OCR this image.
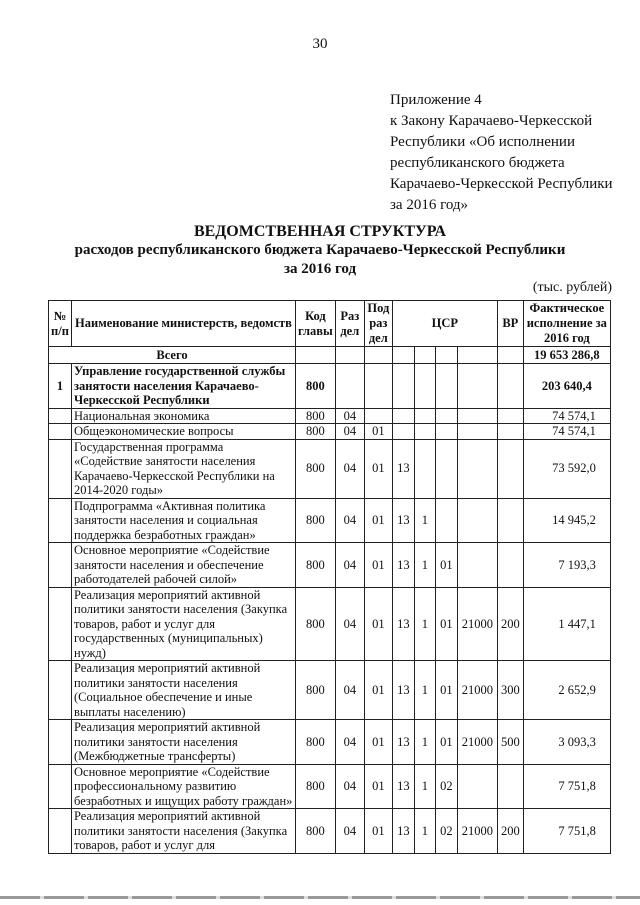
30
Приложение 4
к Закону Карачаево-Черкесской
Республики «Об исполнении
республиканского бюджета
Карачаево-Черкесской Республики
за 2016 год»
ВЕДОМСТВЕННАЯ СТРУКТУРА
расходов республиканского бюджета Карачаево-Черкесской Республики
за 2016 год
(тыс. рублей)
№ п/п	Наименование министерств, ведомств	Код главы	Раз дел	Под раз дел	ЦСР				ВР	Фактическое исполнение за 2016 год
Всего										19 653 286,8
1	Управление государственной службы занятости населения Карачаево-Черкесской Республики	800								203 640,4
	Национальная экономика	800	04							74 574,1
	Общеэкономические вопросы	800	04	01						74 574,1
	Государственная программа «Содействие занятости населения Карачаево-Черкесской Республики на 2014-2020 годы»	800	04	01	13					73 592,0
	Подпрограмма «Активная политика занятости населения и социальная поддержка безработных граждан»	800	04	01	13	1				14 945,2
	Основное мероприятие «Содействие занятости населения и обеспечение работодателей рабочей силой»	800	04	01	13	1	01			7 193,3
	Реализация мероприятий активной политики занятости населения (Закупка товаров, работ и услуг для государственных (муниципальных) нужд)	800	04	01	13	1	01	21000	200	1 447,1
	Реализация мероприятий активной политики занятости населения (Социальное обеспечение и иные выплаты населению)	800	04	01	13	1	01	21000	300	2 652,9
	Реализация мероприятий активной политики занятости населения (Межбюджетные трансферты)	800	04	01	13	1	01	21000	500	3 093,3
	Основное мероприятие «Содействие профессиональному развитию безработных и ищущих работу граждан»	800	04	01	13	1	02			7 751,8
	Реализация мероприятий активной политики занятости населения (Закупка товаров, работ и услуг для	800	04	01	13	1	02	21000	200	7 751,8
